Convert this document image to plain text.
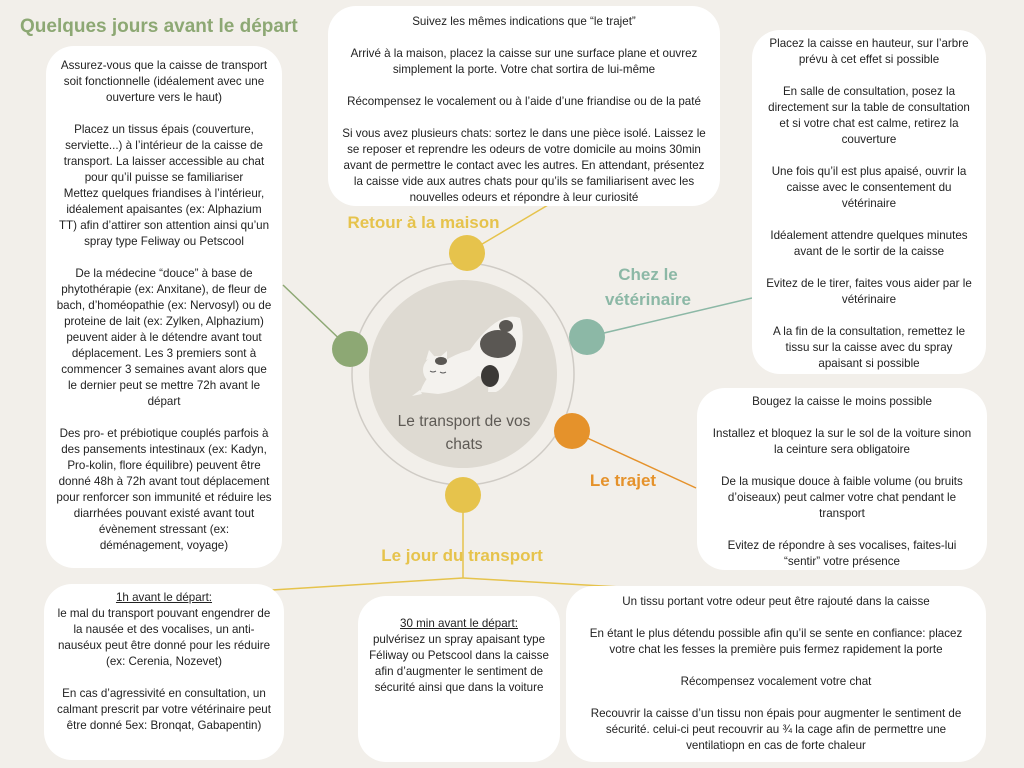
Le transport de vos
chats
Quelques jours avant le départ
Retour à la maison
Chez le
vétérinaire
Le trajet
Le jour du transport

Assurez-vous que la caisse de transport soit fonctionnelle (idéalement avec une ouverture vers le haut)

Placez un tissus épais (couverture, serviette...) à l’intérieur de la caisse de transport. La laisser accessible au chat pour qu’il puisse se familiariser

Mettez quelques friandises à l’intérieur, idéalement apaisantes (ex: Alphazium TT) afin d’attirer son attention ainsi qu’un spray type Feliway ou Petscool

De la médecine “douce” à base de phytothérapie (ex: Anxitane), de fleur de bach, d’homéopathie (ex: Nervosyl) ou de proteine de lait (ex: Zylken, Alphazium) peuvent aider à le détendre avant tout déplacement. Les 3 premiers sont à commencer 3 semaines avant alors que le dernier peut se mettre 72h avant le départ

Des pro- et prébiotique couplés parfois à des pansements intestinaux (ex: Kadyn, Pro-kolin, flore équilibre) peuvent être donné 48h à 72h avant tout déplacement pour renforcer son immunité et réduire les diarrhées pouvant existé avant tout évènement stressant (ex: déménagement, voyage)

Suivez les mêmes indications que “le trajet”

Arrivé à la maison, placez la caisse sur une surface plane et ouvrez simplement la porte. Votre chat sortira de lui-même

Récompensez le vocalement ou à l’aide d’une friandise ou de la paté

Si vous avez plusieurs chats: sortez le dans une pièce isolé. Laissez le se reposer et reprendre les odeurs de votre domicile au moins 30min avant de permettre le contact avec les autres. En attendant, présentez la caisse vide aux autres chats pour qu’ils se familiarisent avec les nouvelles odeurs et répondre à leur curiosité

Placez la caisse en hauteur, sur l’arbre prévu à cet effet si possible

En salle de consultation, posez la directement sur la table de consultation et si votre chat est calme, retirez la couverture

Une fois qu’il est plus apaisé, ouvrir la caisse avec le consentement du vétérinaire

Idéalement attendre quelques minutes avant de le sortir de la caisse

Evitez de le tirer, faites vous aider par le vétérinaire

A la fin de la consultation, remettez le tissu sur la caisse avec du spray apaisant si possible

Bougez la caisse le moins possible

Installez et bloquez la sur le sol de la voiture sinon la ceinture sera obligatoire

De la musique douce à faible volume (ou bruits d’oiseaux) peut calmer votre chat pendant le transport

Evitez de répondre à ses vocalises, faites-lui “sentir” votre présence

1h avant le départ:

le mal du transport pouvant engendrer de la nausée et des vocalises, un anti-nauséux peut être donné pour les réduire (ex: Cerenia, Nozevet)

En cas d’agressivité en consultation, un calmant prescrit par votre vétérinaire peut être donné 5ex: Bronqat, Gabapentin)

30 min avant le départ:

pulvérisez un spray apaisant type Féliway ou Petscool dans la caisse afin d’augmenter le sentiment de sécurité ainsi que dans la voiture

Un tissu portant votre odeur peut être rajouté dans la caisse

En étant le plus détendu possible afin qu’il se sente en confiance: placez votre chat les fesses la première puis fermez rapidement la porte

Récompensez vocalement votre chat

Recouvrir la caisse d’un tissu non épais pour augmenter le sentiment de sécurité. celui-ci peut recouvrir au ¾ la cage afin de permettre une ventilatiopn en cas de forte chaleur
